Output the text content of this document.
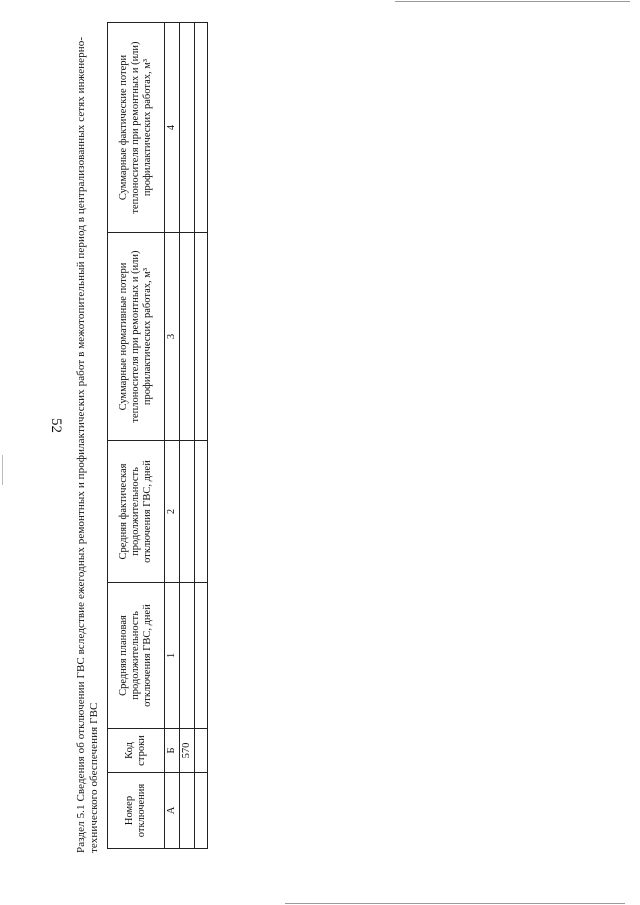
52 Раздел 5.1 Сведения об отключении ГВС вследствие ежегодных ремонтных и профилактических работ в межотопительный период в централизованных сетях инженерно-технического обеспечения ГВС Номер отключения	Код строки	Средняя плановая продолжительность отключения ГВС, дней	Средняя фактическая продолжительность отключения ГВС, дней	Суммарные нормативные потери теплоносителя при ремонтных и (или) профилактических работах, м³	Суммарные фактические потери теплоносителя при ремонтных и (или) профилактических работах, м³
А	Б	1	2	3	4
	570				
